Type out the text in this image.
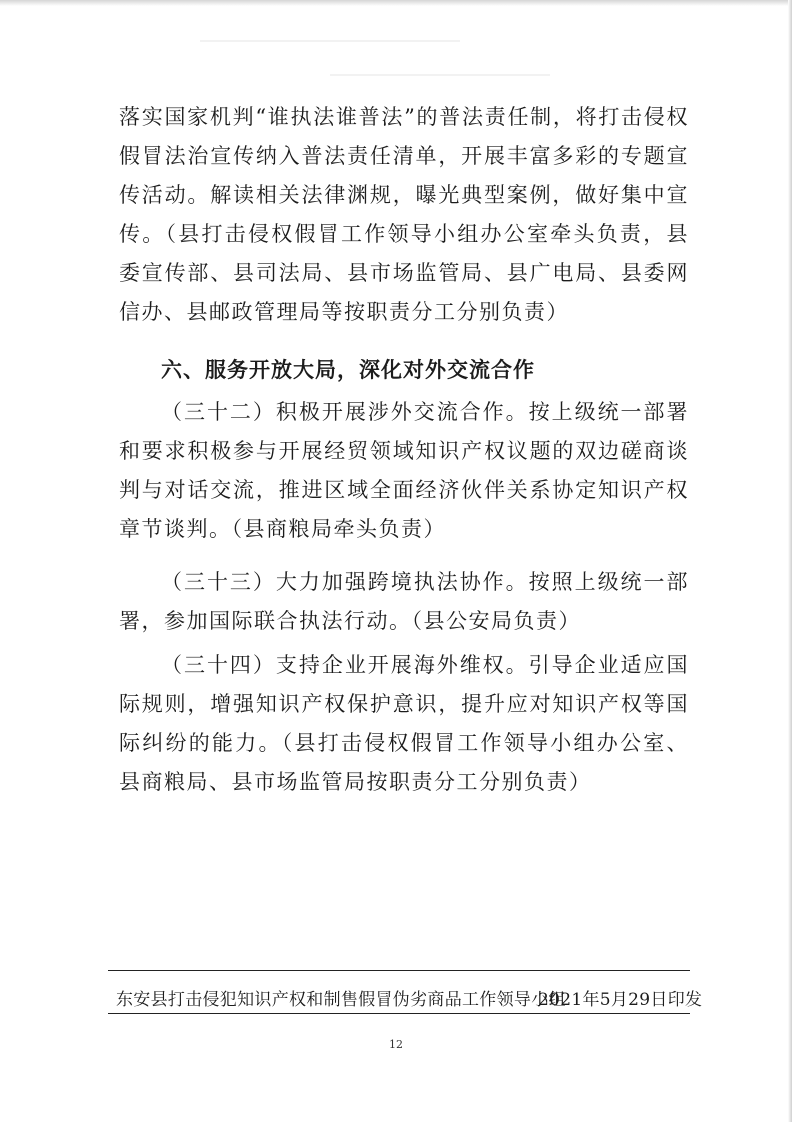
落实国家机判“谁执法谁普法”的普法责任制，将打击侵权假冒法治宣传纳入普法责任清单，开展丰富多彩的专题宣传活动。解读相关法律渊规，曝光典型案例，做好集中宣传。（县打击侵权假冒工作领导小组办公室牵头负责，县委宣传部、县司法局、县市场监管局、县广电局、县委网信办、县邮政管理局等按职责分工分别负责）

六、服务开放大局，深化对外交流合作

（三十二）积极开展涉外交流合作。按上级统一部署和要求积极参与开展经贸领域知识产权议题的双边磋商谈判与对话交流，推进区域全面经济伙伴关系协定知识产权章节谈判。（县商粮局牵头负责）

（三十三）大力加强跨境执法协作。按照上级统一部署，参加国际联合执法行动。（县公安局负责）

（三十四）支持企业开展海外维权。引导企业适应国际规则，增强知识产权保护意识，提升应对知识产权等国际纠纷的能力。（县打击侵权假冒工作领导小组办公室、县商粮局、县市场监管局按职责分工分别负责）

东安县打击侵犯知识产权和制售假冒伪劣商品工作领导小组
2021年5月29日印发
12
